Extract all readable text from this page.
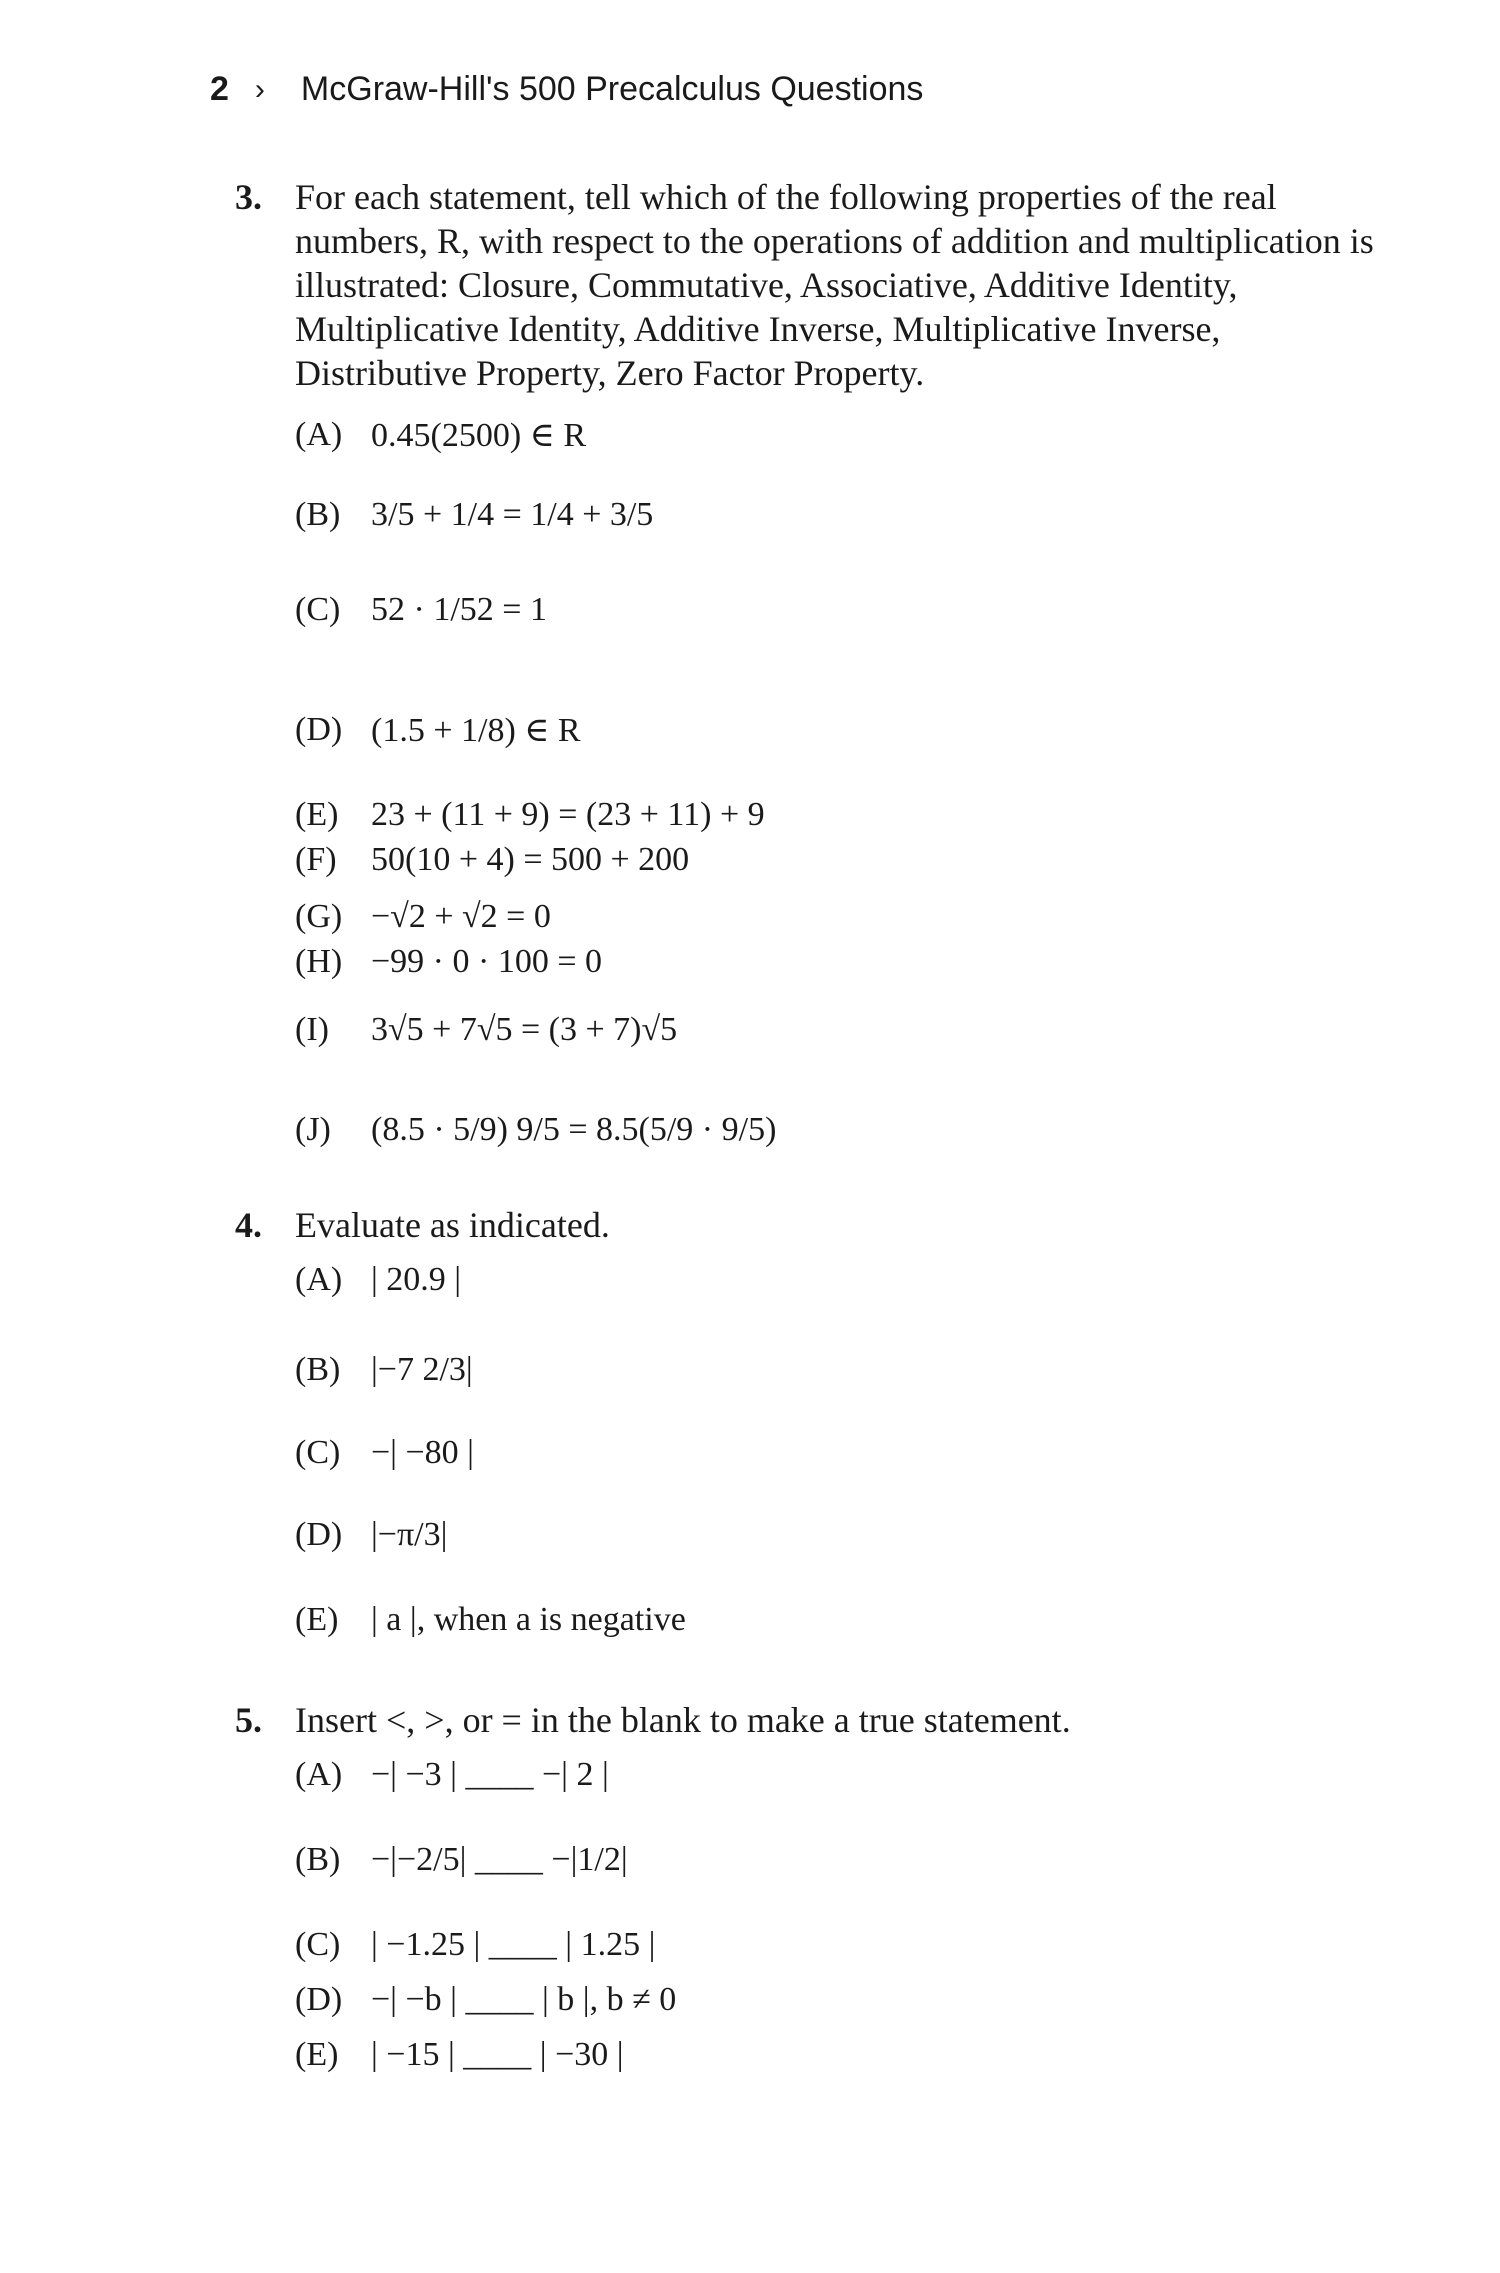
2 › McGraw-Hill's 500 Precalculus Questions
3. For each statement, tell which of the following properties of the real numbers, R, with respect to the operations of addition and multiplication is illustrated: Closure, Commutative, Associative, Additive Identity, Multiplicative Identity, Additive Inverse, Multiplicative Inverse, Distributive Property, Zero Factor Property.
(A) 0.45(2500) ∈ R
(B) 3/5 + 1/4 = 1/4 + 3/5
(C) 52 · 1/52 = 1
(D) (1.5 + 1/8) ∈ R
(E) 23 + (11 + 9) = (23 + 11) + 9
(F)	50(10 + 4) = 500 + 200
(G) −√2 + √2 = 0
(H) −99 · 0 · 100 = 0
(I)	3√5 + 7√5 = (3 + 7)√5
(J)	(8.5 · 5/9) 9/5 = 8.5(5/9 · 9/5)
4. Evaluate as indicated.
(A) | 20.9 |
(B) |−7 2/3|
(C) −| −80 |
(D) |−π/3|
(E) | a |, when a is negative
5. Insert <, >, or = in the blank to make a true statement.
(A) −| −3 | ____ −| 2 |
(B) −|−2/5| ____ −|1/2|
(C) | −1.25 | ____ | 1.25 |
(D) −| −b | ____ | b |, b ≠ 0
(E) | −15 | ____ | −30 |
